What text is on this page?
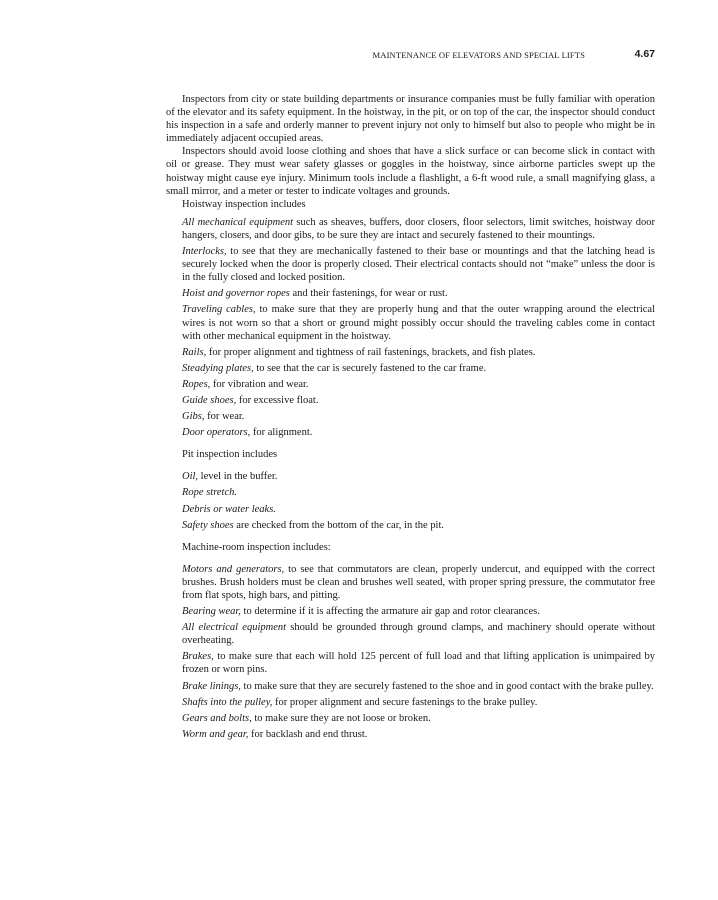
MAINTENANCE OF ELEVATORS AND SPECIAL LIFTS	4.67

Inspectors from city or state building departments or insurance companies must be fully familiar with operation of the elevator and its safety equipment. In the hoistway, in the pit, or on top of the car, the inspector should conduct his inspection in a safe and orderly manner to prevent injury not only to himself but also to people who might be in immediately adjacent occupied areas.

Inspectors should avoid loose clothing and shoes that have a slick surface or can become slick in contact with oil or grease. They must wear safety glasses or goggles in the hoistway, since airborne particles swept up the hoistway might cause eye injury. Minimum tools include a flashlight, a 6-ft wood rule, a small magnifying glass, a small mirror, and a meter or tester to indicate voltages and grounds.

Hoistway inspection includes

All mechanical equipment such as sheaves, buffers, door closers, floor selectors, limit switches, hoistway door hangers, closers, and door gibs, to be sure they are intact and securely fastened to their mountings.
Interlocks, to see that they are mechanically fastened to their base or mountings and that the latching head is securely locked when the door is properly closed. Their electrical contacts should not “make” unless the door is in the fully closed and locked position.
Hoist and governor ropes and their fastenings, for wear or rust.
Traveling cables, to make sure that they are properly hung and that the outer wrapping around the electrical wires is not worn so that a short or ground might possibly occur should the traveling cables come in contact with other mechanical equipment in the hoistway.
Rails, for proper alignment and tightness of rail fastenings, brackets, and fish plates.
Steadying plates, to see that the car is securely fastened to the car frame.
Ropes, for vibration and wear.
Guide shoes, for excessive float.
Gibs, for wear.
Door operators, for alignment.

Pit inspection includes

Oil, level in the buffer.
Rope stretch.
Debris or water leaks.
Safety shoes are checked from the bottom of the car, in the pit.

Machine-room inspection includes:

Motors and generators, to see that commutators are clean, properly undercut, and equipped with the correct brushes. Brush holders must be clean and brushes well seated, with proper spring pressure, the commutator free from flat spots, high bars, and pitting.
Bearing wear, to determine if it is affecting the armature air gap and rotor clearances.
All electrical equipment should be grounded through ground clamps, and machinery should operate without overheating.
Brakes, to make sure that each will hold 125 percent of full load and that lifting application is unimpaired by frozen or worn pins.
Brake linings, to make sure that they are securely fastened to the shoe and in good contact with the brake pulley.
Shafts into the pulley, for proper alignment and secure fastenings to the brake pulley.
Gears and bolts, to make sure they are not loose or broken.
Worm and gear, for backlash and end thrust.
